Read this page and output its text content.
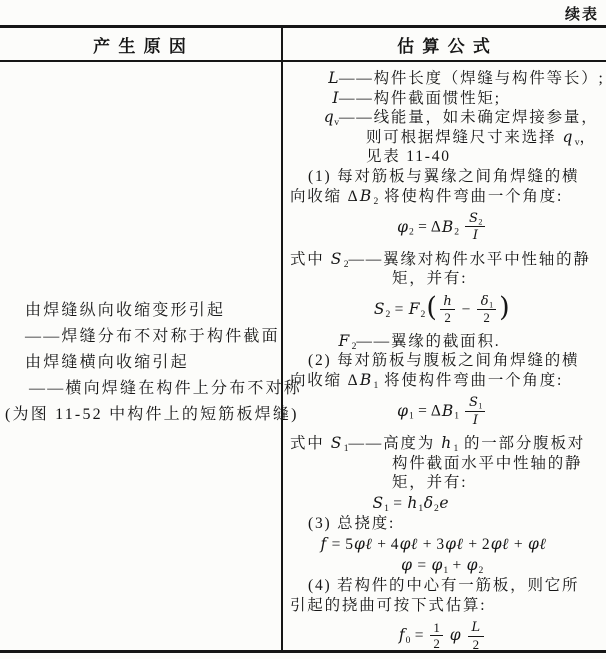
续表
产 生 原 因	估 算 公 式
由焊缝纵向收缩变形引起
——焊缝分布不对称于构件截面
由焊缝横向收缩引起
——横向焊缝在构件上分布不对称
(为图 11-52 中构件上的短筋板焊缝)
L——构件长度（焊缝与构件等长）;
I——构件截面惯性矩;
$q_v——$线能量，如未确定焊接参量，
则可根据焊缝尺寸来选择 $q_v$，
见表 11-40
(1) 每对筋板与翼缘之间角焊缝的横
向收缩 $\Delta B_2$ 将使构件弯曲一个角度:
$\varphi_2 = \Delta B_2 \frac{S_2}{I}$
式中 $S_2——$翼缘对构件水平中性轴的静
矩，并有:
$S_2 = F_2( \frac{h}{2} - \frac{\delta_1}{2}$ )
$F_2——$翼缘的截面积.
(2) 每对筋板与腹板之间角焊缝的横
向收缩 $\Delta B_1$ 将使构件弯曲一个角度:
$\varphi_1 = \Delta B_1 \frac{S_1}{I}$
式中 $S_1——$高度为 $h_1$ 的一部分腹板对
构件截面水平中性轴的静
矩，并有:
$S_1 = h_1\delta_2e$
(3) 总挠度:
f = 5φℓ + 4φℓ + 3φℓ + 2φℓ + φℓ
$\varphi = \varphi_1 + \varphi_2$
(4) 若构件的中心有一筋板，则它所
引起的挠曲可按下式估算:
$f_0 = \frac{1}{2}$ φ $\frac{L}{2}$
